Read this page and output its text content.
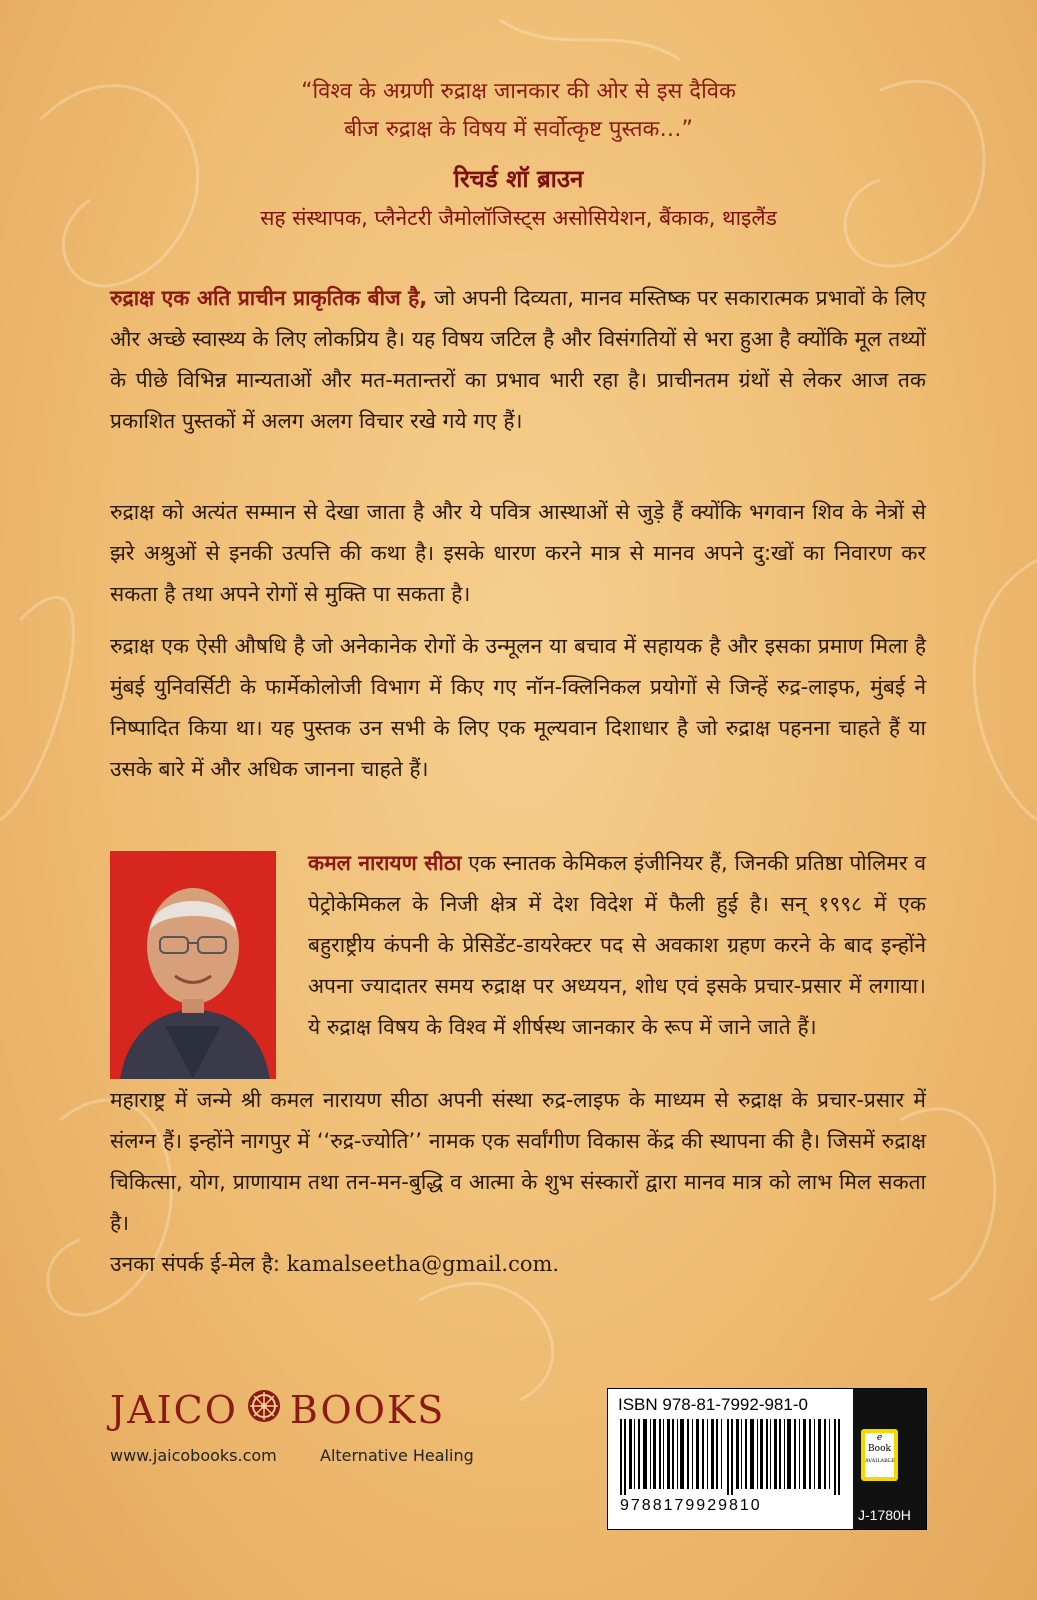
“विश्व के अग्रणी रुद्राक्ष जानकार की ओर से इस दैविक
बीज रुद्राक्ष के विषय में सर्वोत्कृष्ट पुस्तक…”
रिचर्ड शॉ ब्राउन
सह संस्थापक, प्लैनेटरी जैमोलॉजिस्ट्स असोसियेशन, बैंकाक, थाइलैंड
रुद्राक्ष एक अति प्राचीन प्राकृतिक बीज है, जो अपनी दिव्यता, मानव मस्तिष्क पर सकारात्मक प्रभावों के लिए और अच्छे स्वास्थ्य के लिए लोकप्रिय है। यह विषय जटिल है और विसंगतियों से भरा हुआ है क्योंकि मूल तथ्यों के पीछे विभिन्न मान्यताओं और मत-मतान्तरों का प्रभाव भारी रहा है। प्राचीनतम ग्रंथों से लेकर आज तक प्रकाशित पुस्तकों में अलग अलग विचार रखे गये गए हैं।
रुद्राक्ष को अत्यंत सम्मान से देखा जाता है और ये पवित्र आस्थाओं से जुड़े हैं क्योंकि भगवान शिव के नेत्रों से झरे अश्रुओं से इनकी उत्पत्ति की कथा है। इसके धारण करने मात्र से मानव अपने दु:खों का निवारण कर सकता है तथा अपने रोगों से मुक्ति पा सकता है।
रुद्राक्ष एक ऐसी औषधि है जो अनेकानेक रोगों के उन्मूलन या बचाव में सहायक है और इसका प्रमाण मिला है मुंबई युनिवर्सिटी के फार्मेकोलोजी विभाग में किए गए नॉन-क्लिनिकल प्रयोगों से जिन्हें रुद्र-लाइफ, मुंबई ने निष्पादित किया था। यह पुस्तक उन सभी के लिए एक मूल्यवान दिशाधार है जो रुद्राक्ष पहनना चाहते हैं या उसके बारे में और अधिक जानना चाहते हैं।
कमल नारायण सीठा एक स्नातक केमिकल इंजीनियर हैं, जिनकी प्रतिष्ठा पोलिमर व पेट्रोकेमिकल के निजी क्षेत्र में देश विदेश में फैली हुई है। सन् १९९८ में एक बहुराष्ट्रीय कंपनी के प्रेसिडेंट-डायरेक्टर पद से अवकाश ग्रहण करने के बाद इन्होंने अपना ज्यादातर समय रुद्राक्ष पर अध्ययन, शोध एवं इसके प्रचार-प्रसार में लगाया। ये रुद्राक्ष विषय के विश्व में शीर्षस्थ जानकार के रूप में जाने जाते हैं।
महाराष्ट्र में जन्मे श्री कमल नारायण सीठा अपनी संस्था रुद्र-लाइफ के माध्यम से रुद्राक्ष के प्रचार-प्रसार में संलग्न हैं। इन्होंने नागपुर में ‘‘रुद्र-ज्योति’’ नामक एक सर्वांगीण विकास केंद्र की स्थापना की है। जिसमें रुद्राक्ष चिकित्सा, योग, प्राणायाम तथा तन-मन-बुद्धि व आत्मा के शुभ संस्कारों द्वारा मानव मात्र को लाभ मिल सकता है।
उनका संपर्क ई-मेल है: kamalseetha@gmail.com.
JAICO BOOKS
www.jaicobooks.com	Alternative Healing
ISBN 978-81-7992-981-0
9788179929810
e
Book
AVAILABLE
J-1780H
